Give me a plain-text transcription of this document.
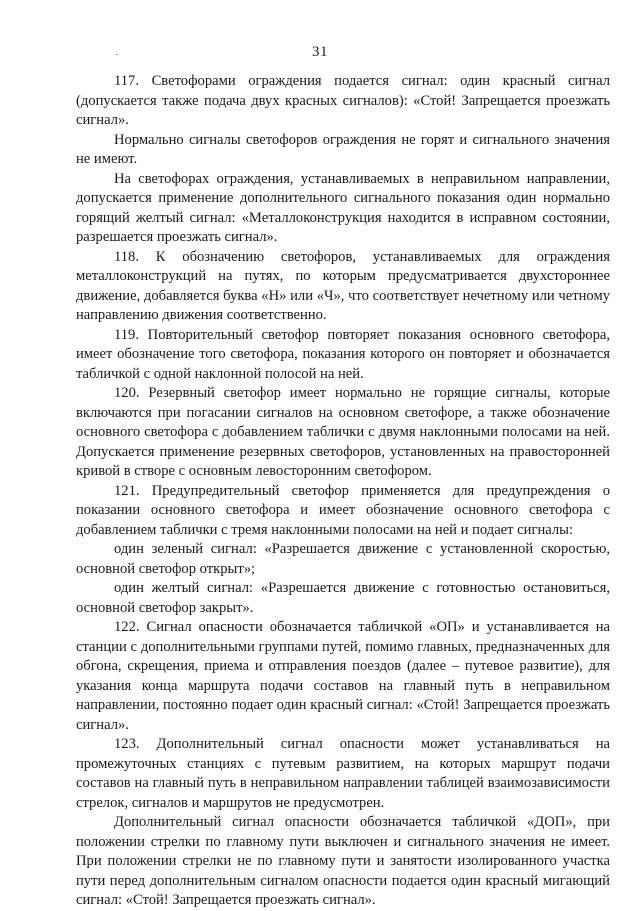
31

117. Светофорами ограждения подается сигнал: один красный сигнал (допускается также подача двух красных сигналов): «Стой! Запрещается проезжать сигнал».

Нормально сигналы светофоров ограждения не горят и сигнального значения не имеют.

На светофорах ограждения, устанавливаемых в неправильном направлении, допускается применение дополнительного сигнального показания один нормально горящий желтый сигнал: «Металлоконструкция находится в исправном состоянии, разрешается проезжать сигнал».

118. К обозначению светофоров, устанавливаемых для ограждения металлоконструкций на путях, по которым предусматривается двухстороннее движение, добавляется буква «Н» или «Ч», что соответствует нечетному или четному направлению движения соответственно.

119. Повторительный светофор повторяет показания основного светофора, имеет обозначение того светофора, показания которого он повторяет и обозначается табличкой с одной наклонной полосой на ней.

120. Резервный светофор имеет нормально не горящие сигналы, которые включаются при погасании сигналов на основном светофоре, а также обозначение основного светофора с добавлением таблички с двумя наклонными полосами на ней. Допускается применение резервных светофоров, установленных на правосторонней кривой в створе с основным левосторонним светофором.

121. Предупредительный светофор применяется для предупреждения о показании основного светофора и имеет обозначение основного светофора с добавлением таблички с тремя наклонными полосами на ней и подает сигналы:

один зеленый сигнал: «Разрешается движение с установленной скоростью, основной светофор открыт»;

один желтый сигнал: «Разрешается движение с готовностью остановиться, основной светофор закрыт».

122. Сигнал опасности обозначается табличкой «ОП» и устанавливается на станции с дополнительными группами путей, помимо главных, предназначенных для обгона, скрещения, приема и отправления поездов (далее – путевое развитие), для указания конца маршрута подачи составов на главный путь в неправильном направлении, постоянно подает один красный сигнал: «Стой! Запрещается проезжать сигнал».

123. Дополнительный сигнал опасности может устанавливаться на промежуточных станциях с путевым развитием, на которых маршрут подачи составов на главный путь в неправильном направлении таблицей взаимозависимости стрелок, сигналов и маршрутов не предусмотрен.

Дополнительный сигнал опасности обозначается табличкой «ДОП», при положении стрелки по главному пути выключен и сигнального значения не имеет. При положении стрелки не по главному пути и занятости изолированного участка пути перед дополнительным сигналом опасности подается один красный мигающий сигнал: «Стой! Запрещается проезжать сигнал».
